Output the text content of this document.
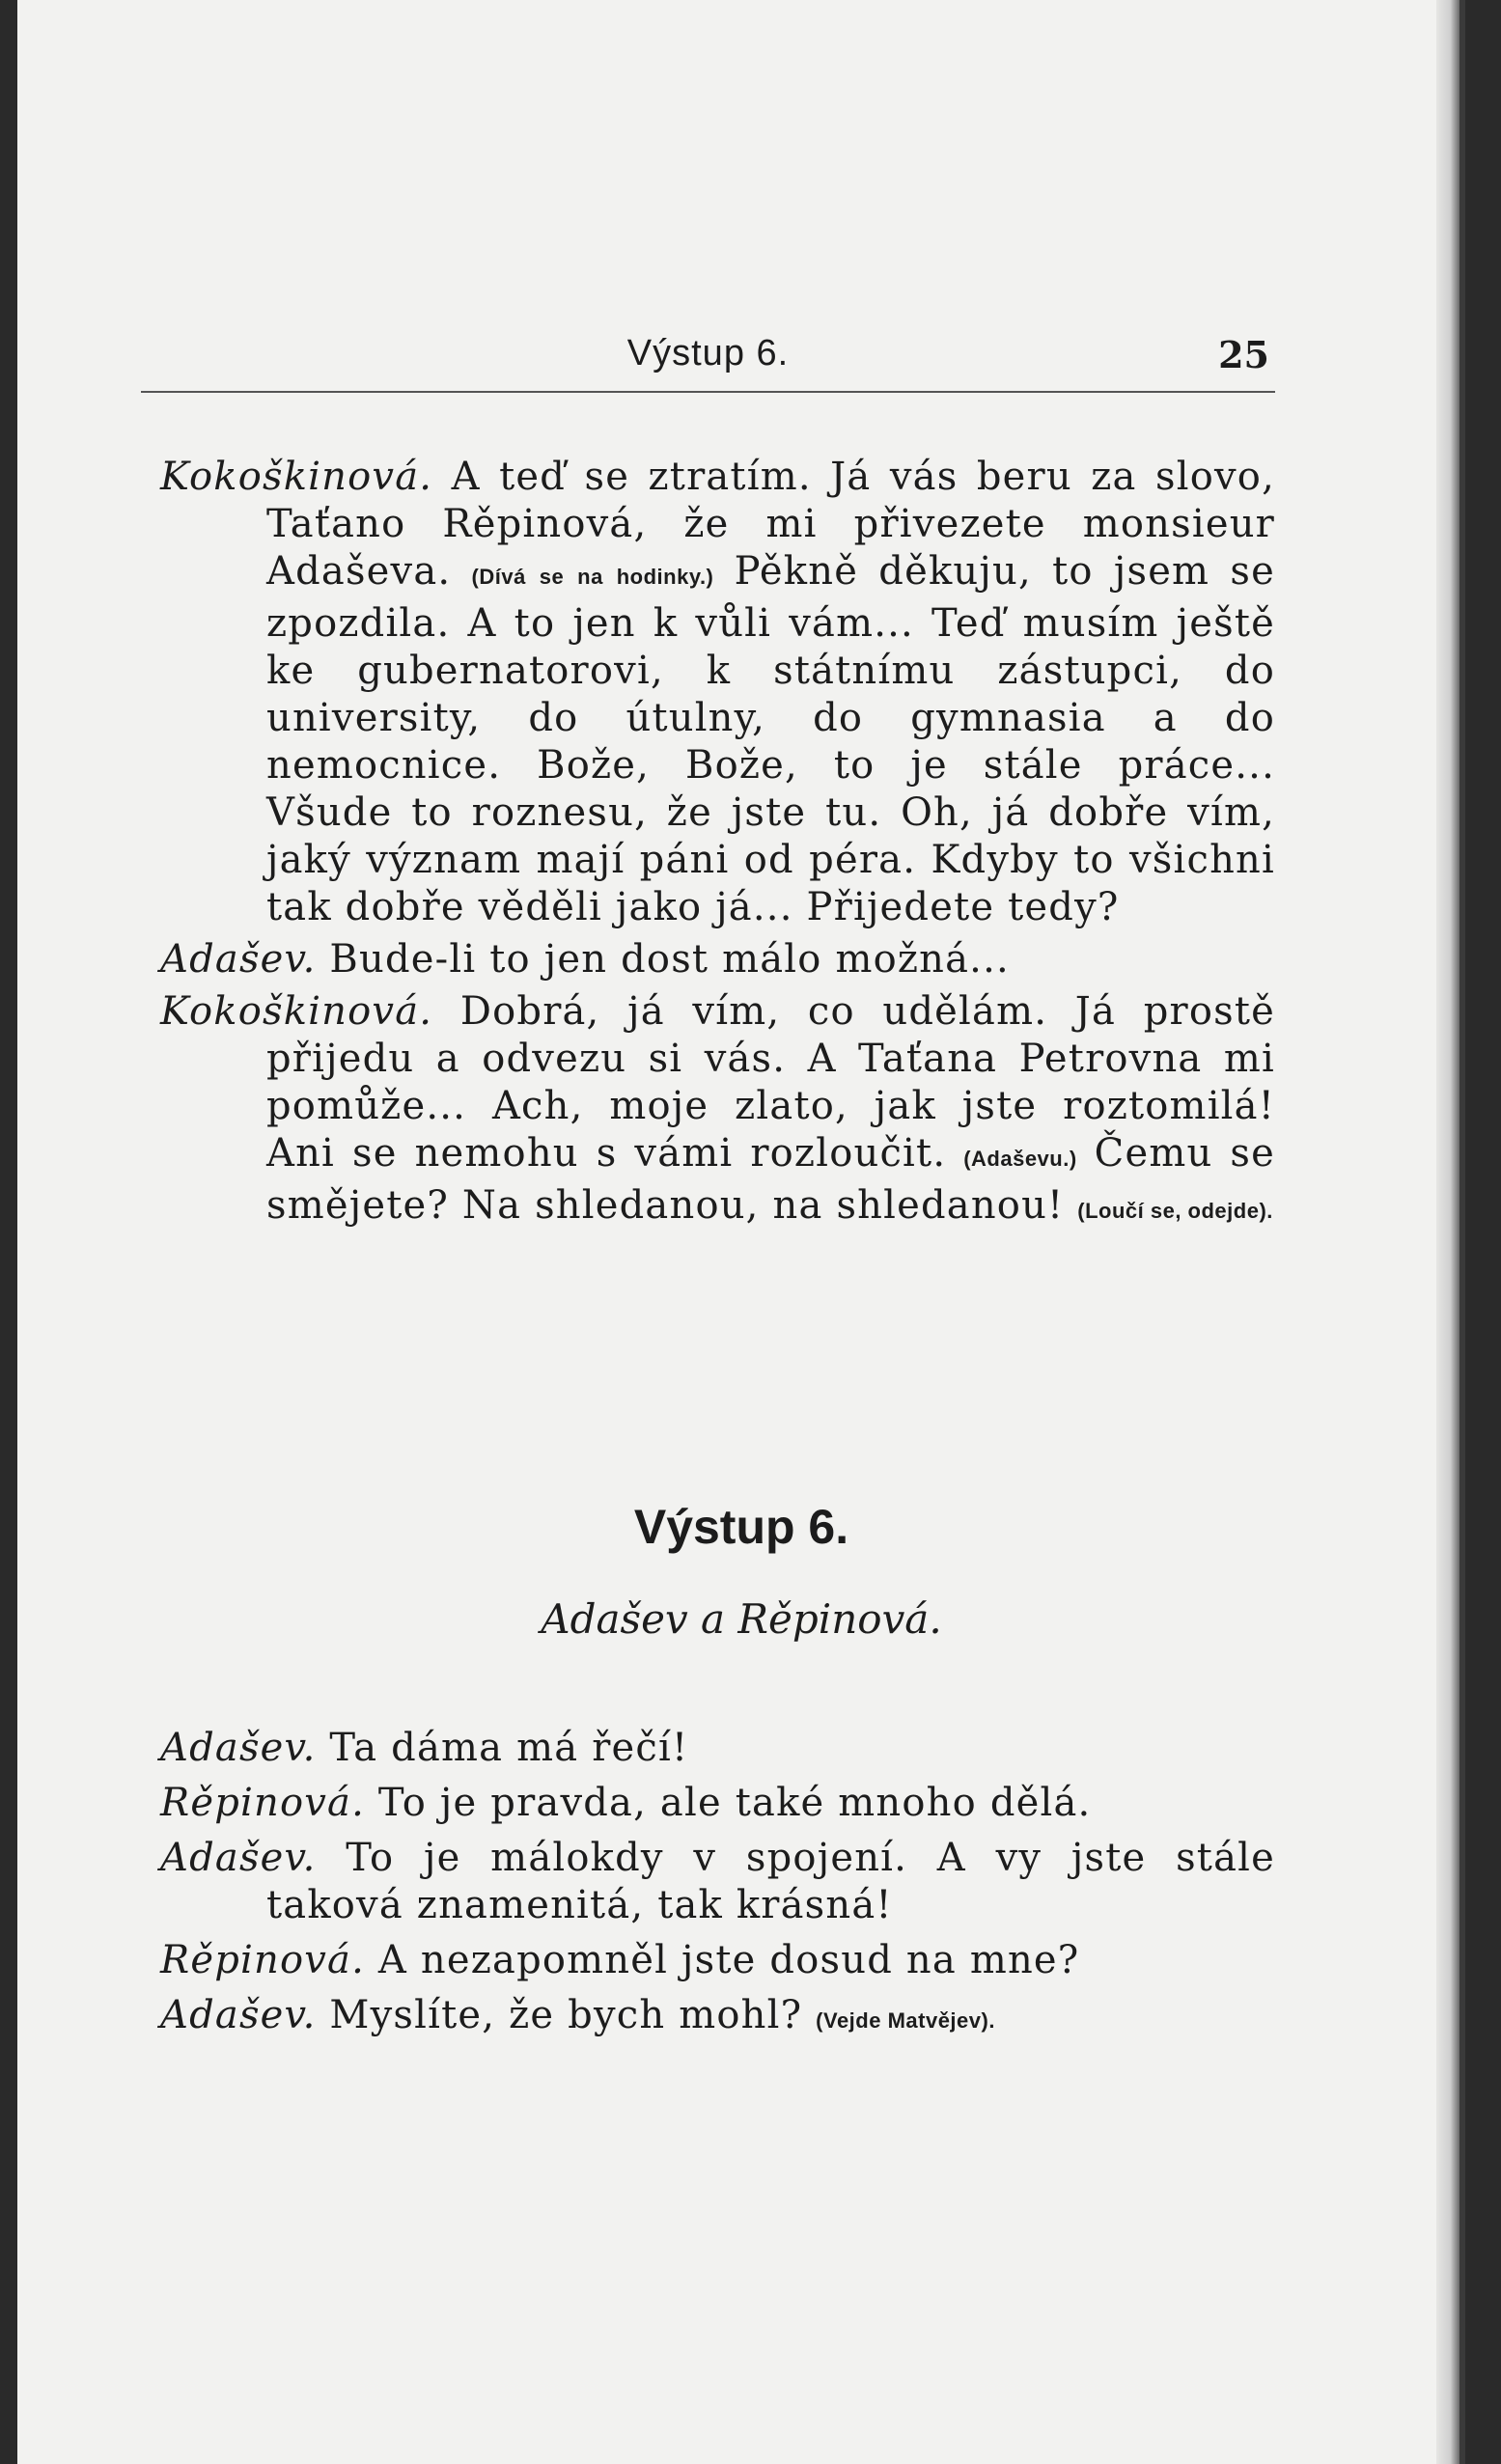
Výstup 6.	25

Kokoškinová. A teď se ztratím. Já vás beru za slovo, Taťano Rěpinová, že mi přivezete monsieur Adaševa. (Dívá se na hodinky.) Pěkně děkuju, to jsem se zpozdila. A to jen k vůli vám... Teď musím ještě ke gubernatorovi, k státnímu zástupci, do university, do útulny, do gymnasia a do nemocnice. Bože, Bože, to je stále práce... Všude to roznesu, že jste tu. Oh, já dobře vím, jaký význam mají páni od péra. Kdyby to všichni tak dobře věděli jako já... Přijedete tedy?

Adašev. Bude-li to jen dost málo možná...

Kokoškinová. Dobrá, já vím, co udělám. Já prostě přijedu a odvezu si vás. A Taťana Petrovna mi pomůže... Ach, moje zlato, jak jste roztomilá! Ani se nemohu s vámi rozloučit. (Adaševu.) Čemu se smějete? Na shledanou, na shledanou! (Loučí se, odejde).

Výstup 6.
Adašev a Rěpinová.

Adašev. Ta dáma má řečí!

Rěpinová. To je pravda, ale také mnoho dělá.

Adašev. To je málokdy v spojení. A vy jste stále taková znamenitá, tak krásná!

Rěpinová. A nezapomněl jste dosud na mne?

Adašev. Myslíte, že bych mohl? (Vejde Matvějev).
